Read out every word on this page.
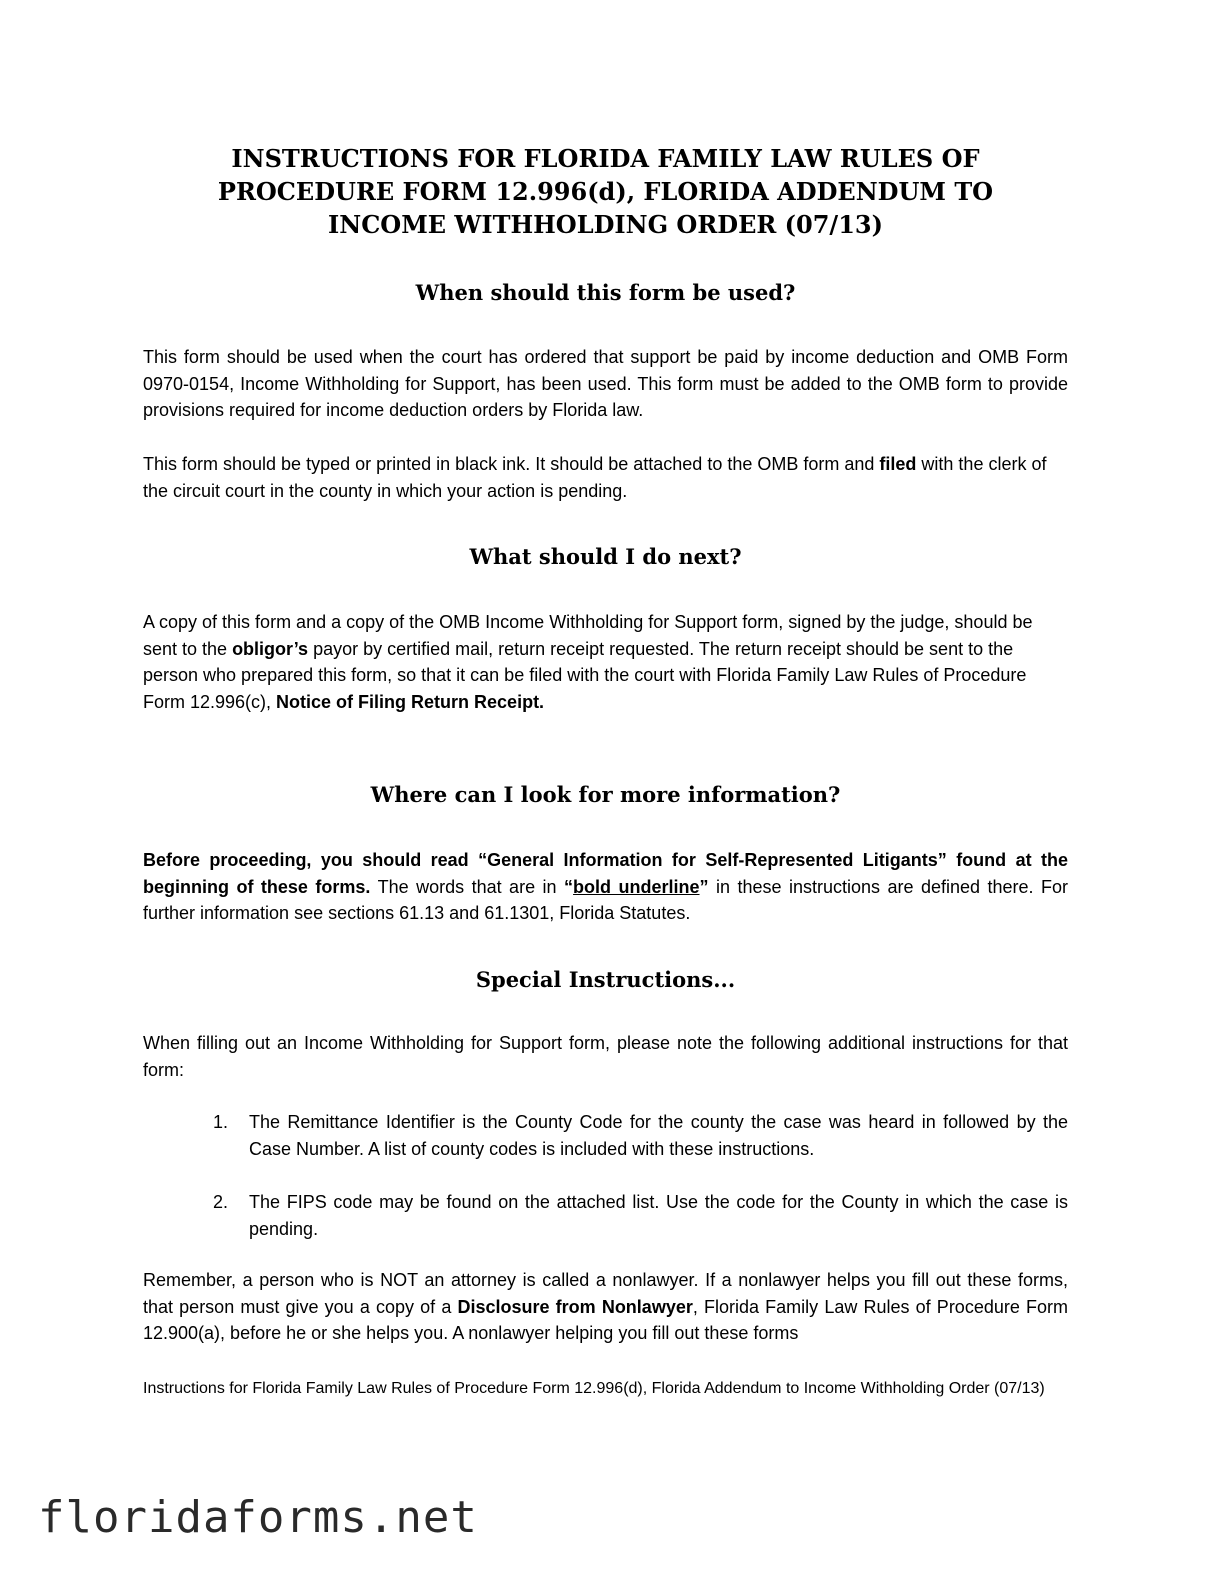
INSTRUCTIONS FOR FLORIDA FAMILY LAW RULES OF
PROCEDURE FORM 12.996(d), FLORIDA ADDENDUM TO
INCOME WITHHOLDING ORDER (07/13)
When should this form be used?

This form should be used when the court has ordered that support be paid by income deduction and OMB Form 0970-0154, Income Withholding for Support, has been used. This form must be added to the OMB form to provide provisions required for income deduction orders by Florida law.

This form should be typed or printed in black ink. It should be attached to the OMB form and filed with the clerk of the circuit court in the county in which your action is pending.

What should I do next?

A copy of this form and a copy of the OMB Income Withholding for Support form, signed by the judge, should be sent to the obligor’s payor by certified mail, return receipt requested. The return receipt should be sent to the person who prepared this form, so that it can be filed with the court with Florida Family Law Rules of Procedure Form 12.996(c), Notice of Filing Return Receipt.

Where can I look for more information?

Before proceeding, you should read “General Information for Self-Represented Litigants” found at the beginning of these forms. The words that are in “bold underline” in these instructions are defined there. For further information see sections 61.13 and 61.1301, Florida Statutes.

Special Instructions...

When filling out an Income Withholding for Support form, please note the following additional instructions for that form:

1. The Remittance Identifier is the County Code for the county the case was heard in followed by the Case Number. A list of county codes is included with these instructions.
2. The FIPS code may be found on the attached list. Use the code for the County in which the case is pending.

Remember, a person who is NOT an attorney is called a nonlawyer. If a nonlawyer helps you fill out these forms, that person must give you a copy of a Disclosure from Nonlawyer, Florida Family Law Rules of Procedure Form 12.900(a), before he or she helps you. A nonlawyer helping you fill out these forms

Instructions for Florida Family Law Rules of Procedure Form 12.996(d), Florida Addendum to Income Withholding Order (07/13)

floridaforms.net
